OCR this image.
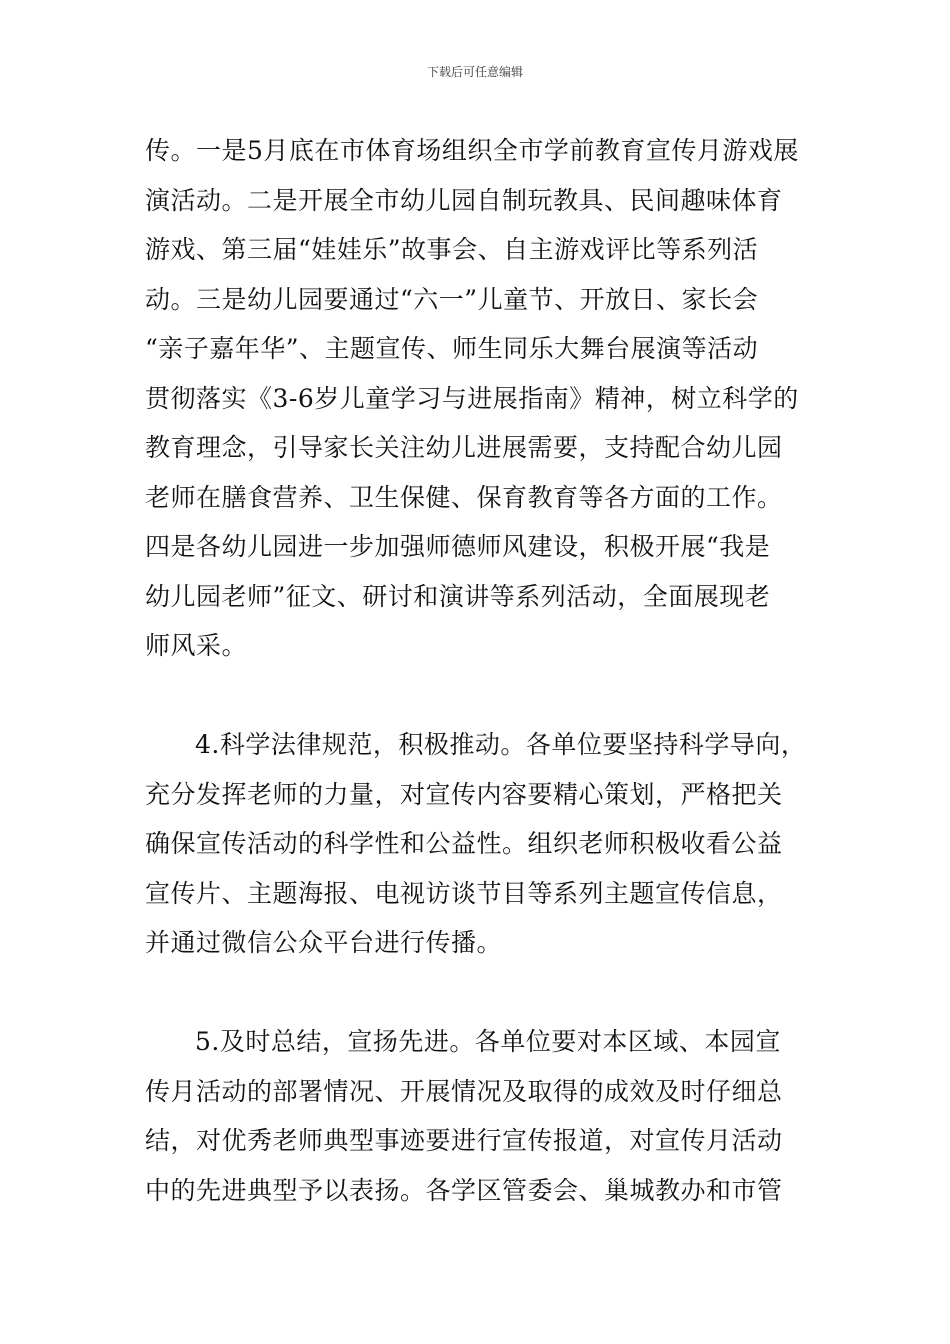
下载后可任意编辑
传。一是5月底在市体育场组织全市学前教育宣传月游戏展
演活动。二是开展全市幼儿园自制玩教具、民间趣味体育
游戏、第三届“娃娃乐”故事会、自主游戏评比等系列活
动。三是幼儿园要通过“六一”儿童节、开放日、家长会
“亲子嘉年华”、主题宣传、师生同乐大舞台展演等活动
贯彻落实《3-6岁儿童学习与进展指南》精神，树立科学的
教育理念，引导家长关注幼儿进展需要，支持配合幼儿园
老师在膳食营养、卫生保健、保育教育等各方面的工作。
四是各幼儿园进一步加强师德师风建设，积极开展“我是
幼儿园老师”征文、研讨和演讲等系列活动，全面展现老
师风采。
4.科学法律规范，积极推动。各单位要坚持科学导向，
充分发挥老师的力量，对宣传内容要精心策划，严格把关
确保宣传活动的科学性和公益性。组织老师积极收看公益
宣传片、主题海报、电视访谈节目等系列主题宣传信息，
并通过微信公众平台进行传播。
5.及时总结，宣扬先进。各单位要对本区域、本园宣
传月活动的部署情况、开展情况及取得的成效及时仔细总
结，对优秀老师典型事迹要进行宣传报道，对宣传月活动
中的先进典型予以表扬。各学区管委会、巢城教办和市管
